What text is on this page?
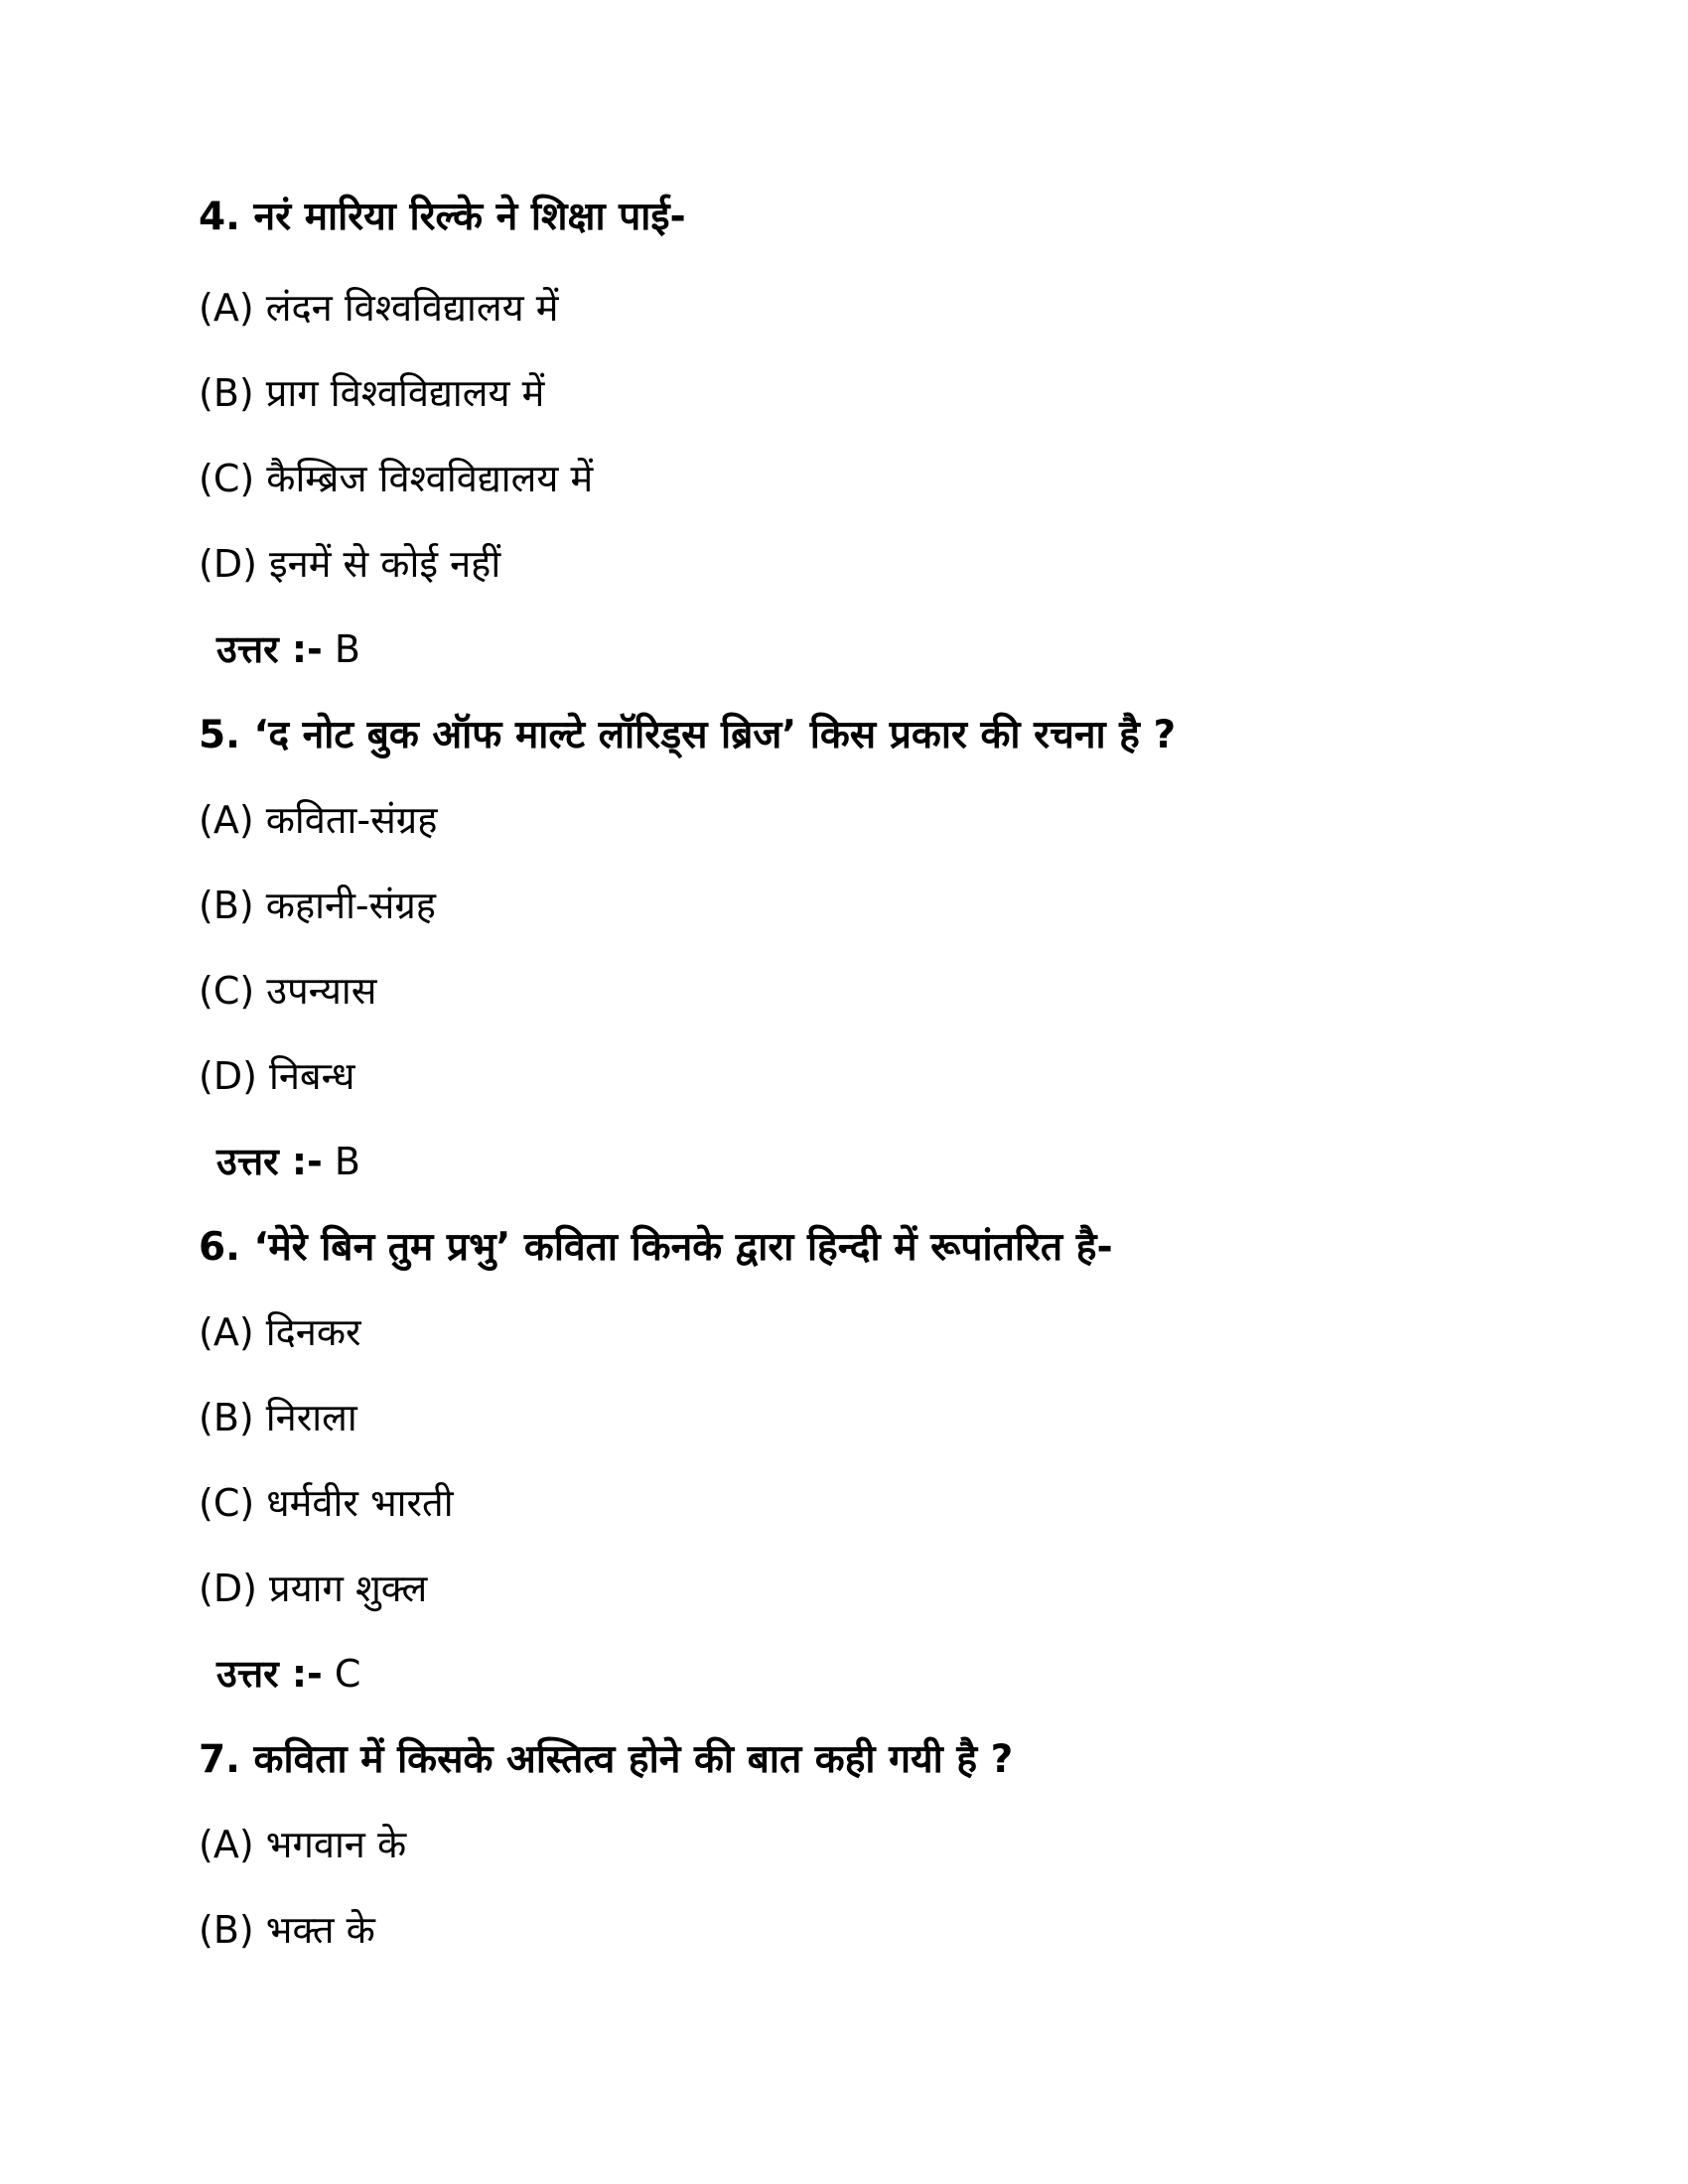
4. नरं मारिया रिल्के ने शिक्षा पाई-
(A) लंदन विश्वविद्यालय में
(B) प्राग विश्वविद्यालय में
(C) कैम्ब्रिज विश्वविद्यालय में
(D) इनमें से कोई नहीं
उत्तर :- B
5. ‘द नोट बुक ऑफ माल्टे लॉरिड्स ब्रिज’ किस प्रकार की रचना है ?
(A) कविता-संग्रह
(B) कहानी-संग्रह
(C) उपन्यास
(D) निबन्ध
उत्तर :- B
6. ‘मेरे बिन तुम प्रभु’ कविता किनके द्वारा हिन्दी में रूपांतरित है-
(A) दिनकर
(B) निराला
(C) धर्मवीर भारती
(D) प्रयाग शुक्ल
उत्तर :- C
7. कविता में किसके अस्तित्व होने की बात कही गयी है ?
(A) भगवान के
(B) भक्त के
